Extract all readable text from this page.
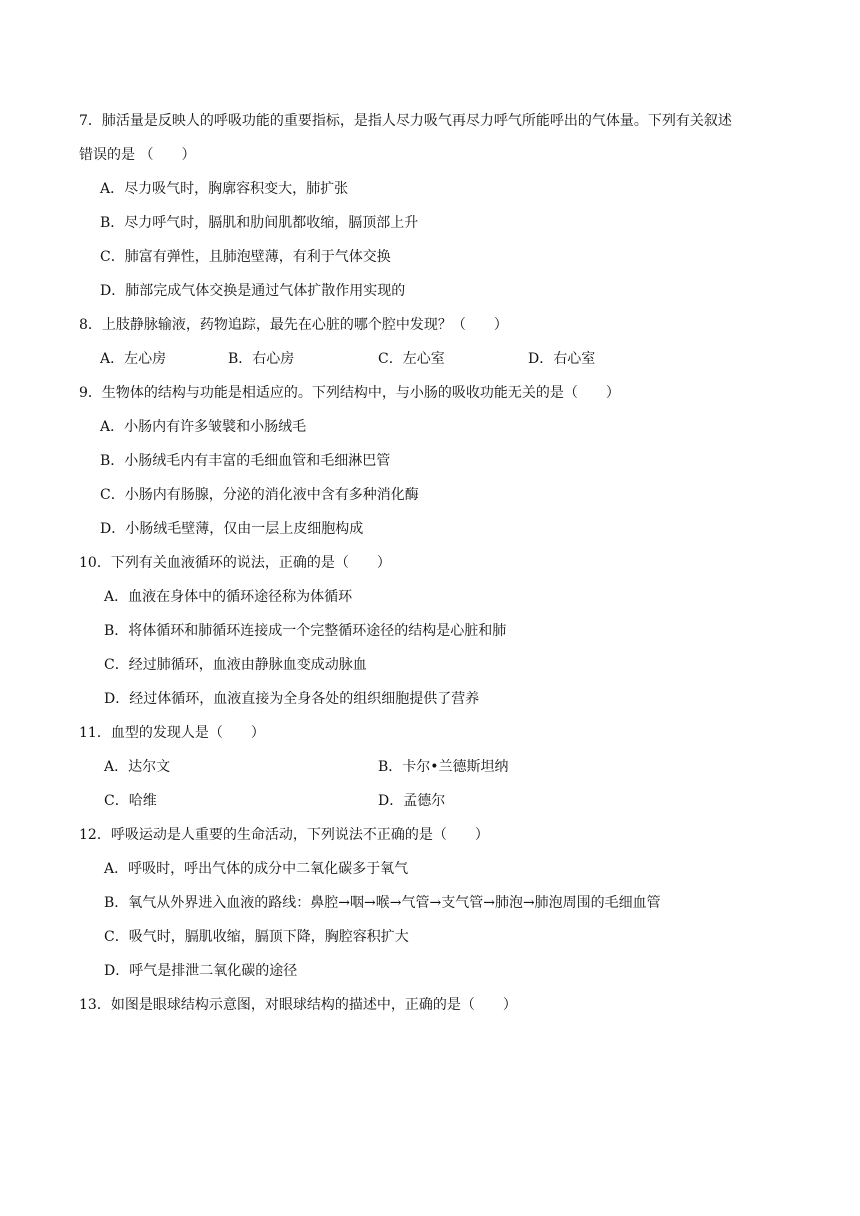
7．肺活量是反映人的呼吸功能的重要指标，是指人尽力吸气再尽力呼气所能呼出的气体量。下列有关叙述
错误的是 （　　）
A．尽力吸气时，胸廓容积变大，肺扩张
B．尽力呼气时，膈肌和肋间肌都收缩，膈顶部上升
C．肺富有弹性，且肺泡壁薄，有利于气体交换
D．肺部完成气体交换是通过气体扩散作用实现的
8．上肢静脉输液，药物追踪，最先在心脏的哪个腔中发现？（　　）
A．左心房	B．右心房	C．左心室	D．右心室
9．生物体的结构与功能是相适应的。下列结构中，与小肠的吸收功能无关的是（　　）
A．小肠内有许多皱襞和小肠绒毛
B．小肠绒毛内有丰富的毛细血管和毛细淋巴管
C．小肠内有肠腺，分泌的消化液中含有多种消化酶
D．小肠绒毛壁薄，仅由一层上皮细胞构成
10．下列有关血液循环的说法，正确的是（　　）
A．血液在身体中的循环途径称为体循环
B．将体循环和肺循环连接成一个完整循环途径的结构是心脏和肺
C．经过肺循环，血液由静脉血变成动脉血
D．经过体循环，血液直接为全身各处的组织细胞提供了营养
11．血型的发现人是（　　）
A．达尔文	B．卡尔•兰德斯坦纳
C．哈维	D．孟德尔
12．呼吸运动是人重要的生命活动，下列说法不正确的是（　　）
A．呼吸时，呼出气体的成分中二氧化碳多于氧气
B．氧气从外界进入血液的路线：鼻腔→咽→喉→气管→支气管→肺泡→肺泡周围的毛细血管
C．吸气时，膈肌收缩，膈顶下降，胸腔容积扩大
D．呼气是排泄二氧化碳的途径
13．如图是眼球结构示意图，对眼球结构的描述中，正确的是（　　）
